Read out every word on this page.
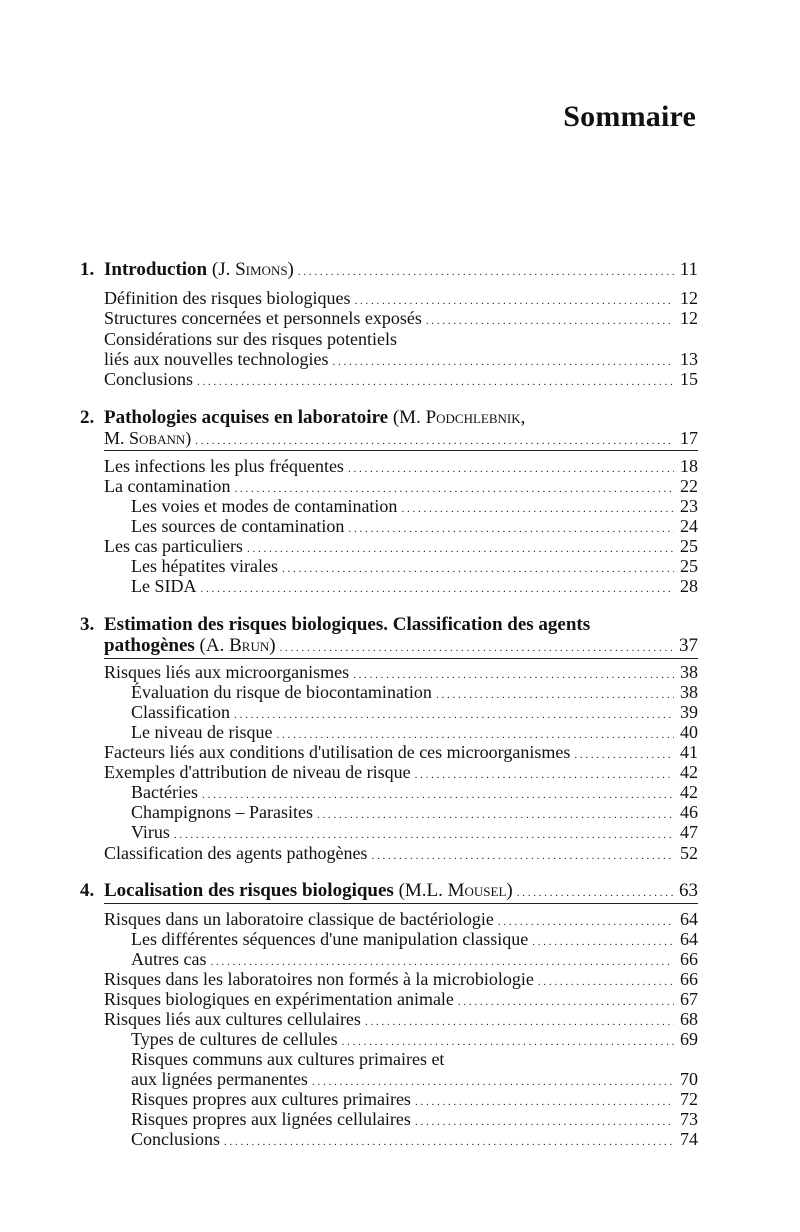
Sommaire
1. Introduction (J. Simons) . . .	11
Définition des risques biologiques . . .	12
Structures concernées et personnels exposés . . .	12
Considérations sur des risques potentiels
liés aux nouvelles technologies . . .	13
Conclusions . . .	15
2. Pathologies acquises en laboratoire (M. Podchlebnik,
M. Sobann) . . .	17
Les infections les plus fréquentes . . .	18
La contamination . . .	22
Les voies et modes de contamination . . .	23
Les sources de contamination . . .	24
Les cas particuliers . . .	25
Les hépatites virales . . .	25
Le SIDA . . .	28
3. Estimation des risques biologiques. Classification des agents
pathogènes (A. Brun) . . .	37
Risques liés aux microorganismes . . .	38
Évaluation du risque de biocontamination . . .	38
Classification . . .	39
Le niveau de risque . . .	40
Facteurs liés aux conditions d'utilisation de ces microorganismes . . .	41
Exemples d'attribution de niveau de risque . . .	42
Bactéries . . .	42
Champignons – Parasites . . .	46
Virus . . .	47
Classification des agents pathogènes . . .	52
4. Localisation des risques biologiques (M.L. Mousel) . . .	63
Risques dans un laboratoire classique de bactériologie . . .	64
Les différentes séquences d'une manipulation classique . . .	64
Autres cas . . .	66
Risques dans les laboratoires non formés à la microbiologie . . .	66
Risques biologiques en expérimentation animale . . .	67
Risques liés aux cultures cellulaires . . .	68
Types de cultures de cellules . . .	69
Risques communs aux cultures primaires et
aux lignées permanentes . . .	70
Risques propres aux cultures primaires . . .	72
Risques propres aux lignées cellulaires . . .	73
Conclusions . . .	74
